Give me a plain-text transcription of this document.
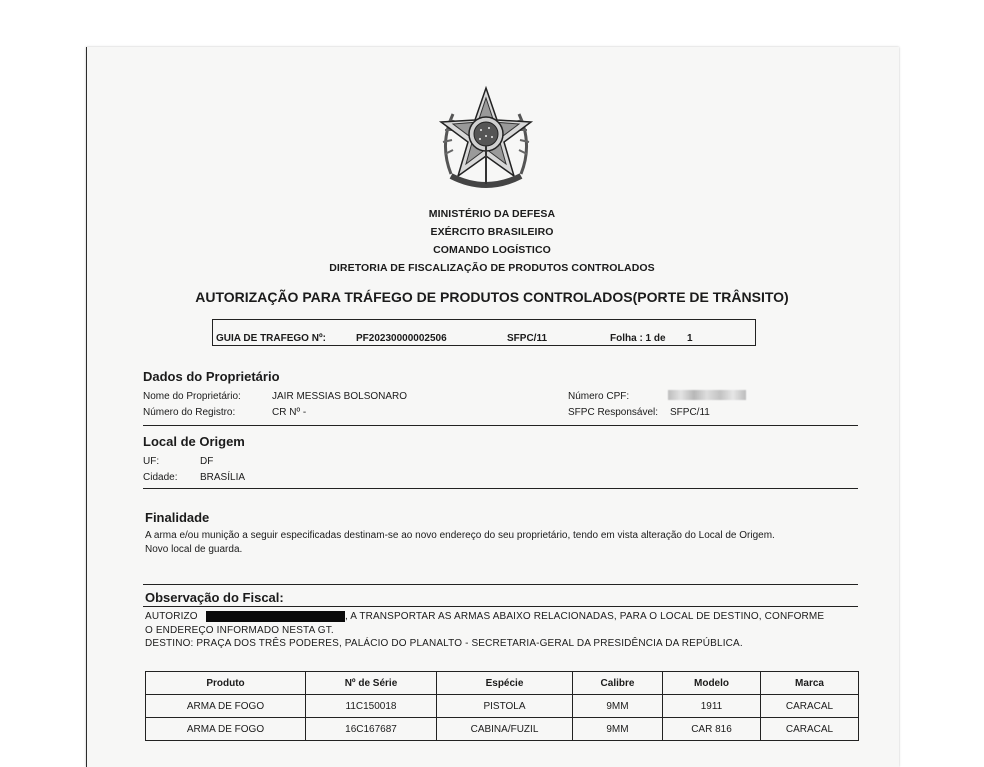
MINISTÉRIO DA DEFESA
EXÉRCITO BRASILEIRO
COMANDO LOGÍSTICO
DIRETORIA DE FISCALIZAÇÃO DE PRODUTOS CONTROLADOS
AUTORIZAÇÃO PARA TRÁFEGO DE PRODUTOS CONTROLADOS(PORTE DE TRÂNSITO)
GUIA DE TRAFEGO Nº:	PF20230000002506	SFPC/11	Folha : 1 de 1
Dados do Proprietário
Nome do Proprietário:	JAIR MESSIAS BOLSONARO
Número do Registro:	CR Nº -
Número CPF:
SFPC Responsável: SFPC/11
Local de Origem
UF:	DF
Cidade: BRASÍLIA
Finalidade
A arma e/ou munição a seguir especificadas destinam-se ao novo endereço do seu proprietário, tendo em vista alteração do Local de Origem.
Novo local de guarda.
Observação do Fiscal:
AUTORIZO	, A TRANSPORTAR AS ARMAS ABAIXO RELACIONADAS, PARA O LOCAL DE DESTINO, CONFORME
O ENDEREÇO INFORMADO NESTA GT.
DESTINO: PRAÇA DOS TRÊS PODERES, PALÁCIO DO PLANALTO - SECRETARIA-GERAL DA PRESIDÊNCIA DA REPÚBLICA.
Produto	Nº de Série	Espécie	Calibre	Modelo	Marca
ARMA DE FOGO	11C150018	PISTOLA	9MM	1911	CARACAL
ARMA DE FOGO	16C167687	CABINA/FUZIL	9MM	CAR 816	CARACAL
